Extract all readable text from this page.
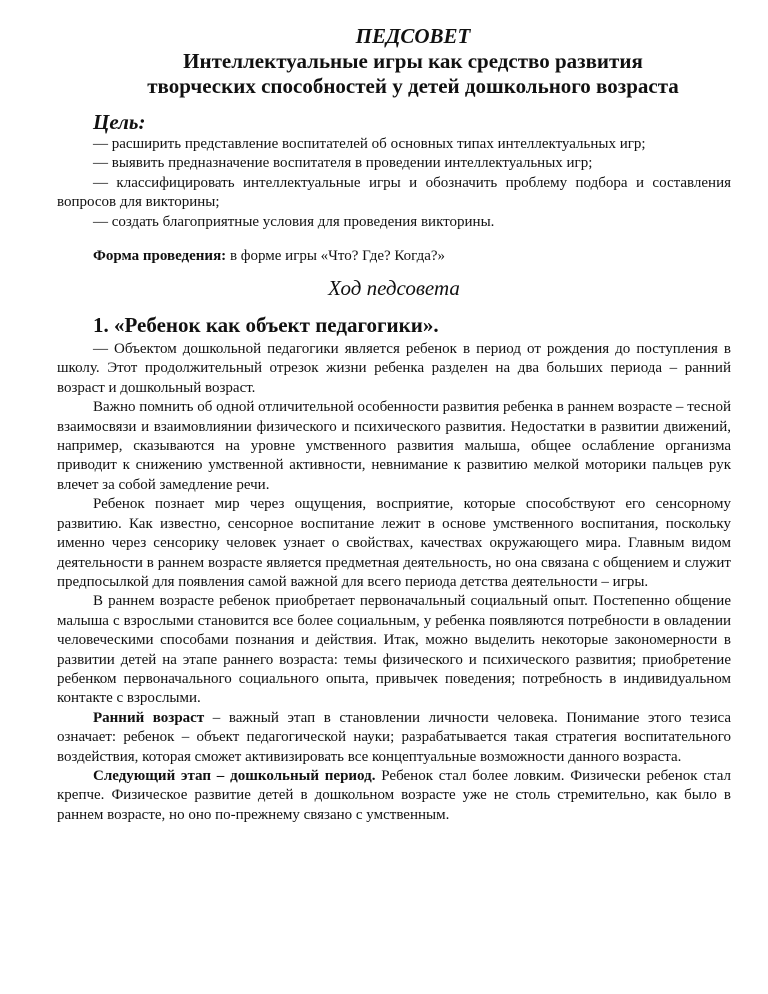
ПЕДСОВЕТ
Интеллектуальные игры как средство развития
творческих способностей у детей дошкольного возраста
Цель:

— расширить представление воспитателей об основных типах интеллектуальных игр;

— выявить предназначение воспитателя в проведении интеллектуальных игр;

— классифицировать интеллектуальные игры и обозначить проблему подбора и составления вопросов для викторины;

— создать благоприятные условия для проведения викторины.

Форма проведения: в форме игры «Что? Где? Когда?»

Ход педсовета
1. «Ребенок как объект педагогики».

— Объектом дошкольной педагогики является ребенок в период от рождения до поступления в школу. Этот продолжительный отрезок жизни ребенка разделен на два больших периода – ранний возраст и дошкольный возраст.

Важно помнить об одной отличительной особенности развития ребенка в раннем возрасте – тесной взаимосвязи и взаимовлиянии физического и психического развития. Недостатки в развитии движений, например, сказываются на уровне умственного развития малыша, общее ослабление организма приводит к снижению умственной активности, невнимание к развитию мелкой моторики пальцев рук влечет за собой замедление речи.

Ребенок познает мир через ощущения, восприятие, которые способствуют его сенсорному развитию. Как известно, сенсорное воспитание лежит в основе умственного воспитания, поскольку именно через сенсорику человек узнает о свойствах, качествах окружающего мира. Главным видом деятельности в раннем возрасте является предметная деятельность, но она связана с общением и служит предпосылкой для появления самой важной для всего периода детства деятельности – игры.

В раннем возрасте ребенок приобретает первоначальный социальный опыт. Постепенно общение малыша с взрослыми становится все более социальным, у ребенка появляются потребности в овладении человеческими способами познания и действия. Итак, можно выделить некоторые закономерности в развитии детей на этапе раннего возраста: темы физического и психического развития; приобретение ребенком первоначального социального опыта, привычек поведения; потребность в индивидуальном контакте с взрослыми.

Ранний возраст – важный этап в становлении личности человека. Понимание этого тезиса означает: ребенок – объект педагогической науки; разрабатывается такая стратегия воспитательного воздействия, которая сможет активизировать все концептуальные возможности данного возраста.

Следующий этап – дошкольный период. Ребенок стал более ловким. Физически ребенок стал крепче. Физическое развитие детей в дошкольном возрасте уже не столь стремительно, как было в раннем возрасте, но оно по-прежнему связано с умственным.
